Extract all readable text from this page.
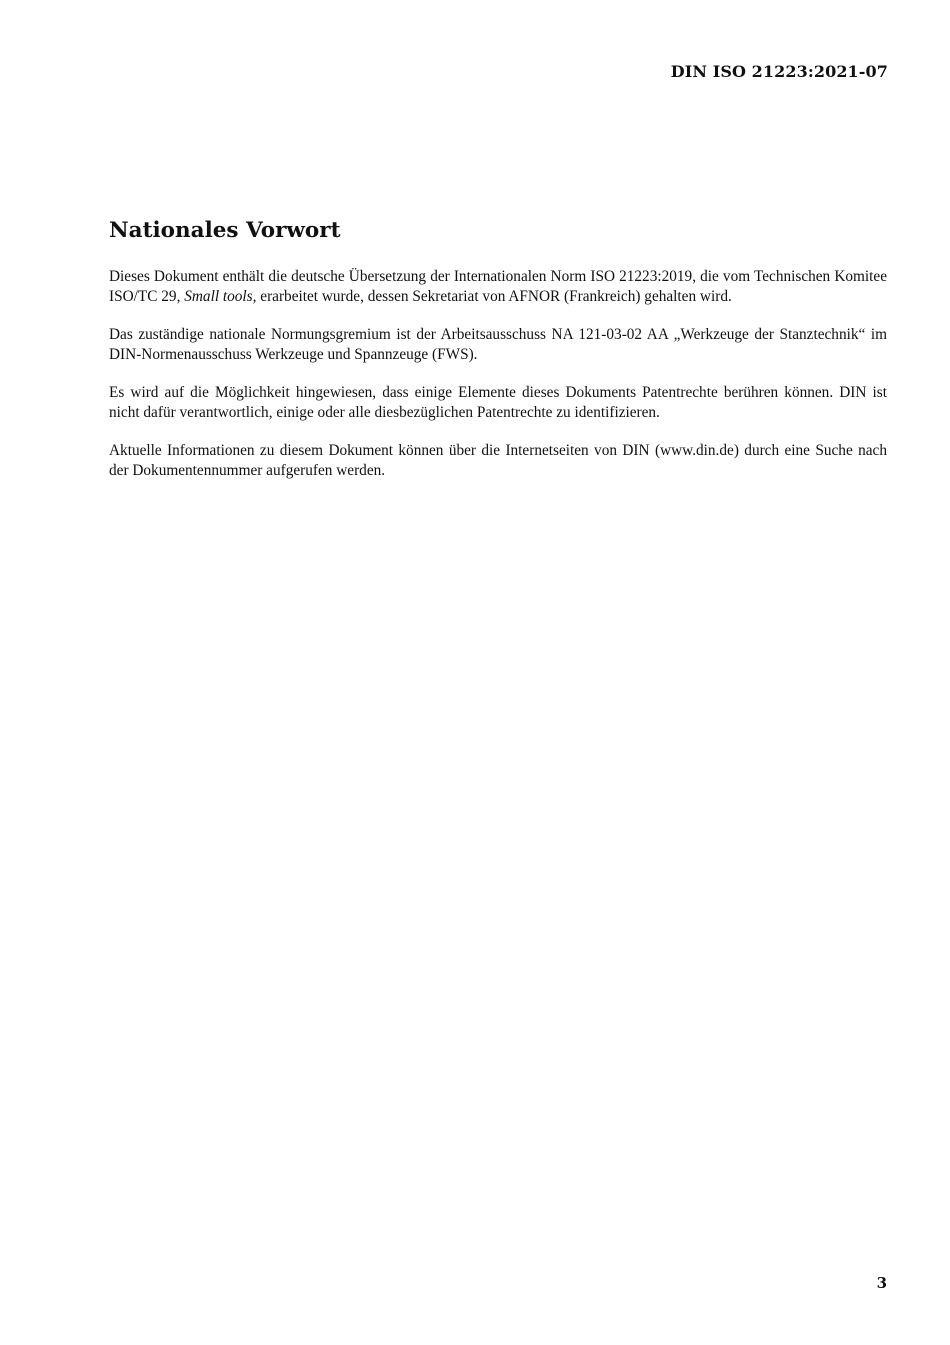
DIN ISO 21223:2021-07
Nationales Vorwort

Dieses Dokument enthält die deutsche Übersetzung der Internationalen Norm ISO 21223:2019, die vom Technischen Komitee ISO/TC 29, Small tools, erarbeitet wurde, dessen Sekretariat von AFNOR (Frankreich) gehalten wird.

Das zuständige nationale Normungsgremium ist der Arbeitsausschuss NA 121-03-02 AA „Werkzeuge der Stanztechnik“ im DIN-Normenausschuss Werkzeuge und Spannzeuge (FWS).

Es wird auf die Möglichkeit hingewiesen, dass einige Elemente dieses Dokuments Patentrechte berühren können. DIN ist nicht dafür verantwortlich, einige oder alle diesbezüglichen Patentrechte zu identifizieren.

Aktuelle Informationen zu diesem Dokument können über die Internetseiten von DIN (www.din.de) durch eine Suche nach der Dokumentennummer aufgerufen werden.

3
